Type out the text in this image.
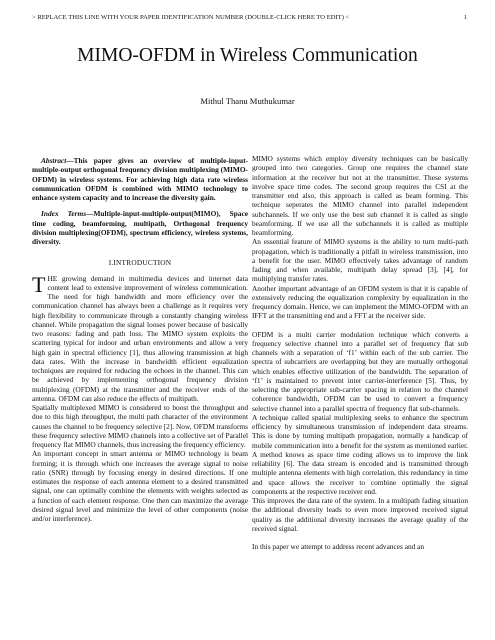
> REPLACE THIS LINE WITH YOUR PAPER IDENTIFICATION NUMBER (DOUBLE-CLICK HERE TO EDIT) <	1
MIMO-OFDM in Wireless Communication
Mithul Thanu Muthukumar

Abstract—This paper gives an overview of multiple-input-multiple-output orthogonal frequency division multiplexing (MIMO-OFDM) in wireless systems. For achieving high data rate wireless communication OFDM is combined with MIMO technology to enhance system capacity and to increase the diversity gain.

Index Terms—Multiple-input-multiple-output(MIMO), Space time coding, beamforming, multipath, Orthogonal frequency division multiplexing(OFDM), spectrum efficiency, wireless systems, diversity.

I.INTRODUCTION

THE growing demand in multimedia devices and internet data content lead to extensive improvement of wireless communication. The need for high bandwidth and more efficiency over the communication channel has always been a challenge as it requires very high flexibility to communicate through a constantly changing wireless channel. While propagation the signal looses power because of basically two reasons: fading and path loss. The MIMO system exploits the scattering typical for indoor and urban environments and allow a very high gain in spectral efficiency [1], thus allowing transmission at high data rates. With the increase in bandwidth efficient equalization techniques are required for reducing the echoes in the channel. This can be achieved by implementing orthogonal frequency division multiplexing (OFDM) at the transmitter and the receiver ends of the antenna. OFDM can also reduce the effects of multipath.

Spatially multiplexed MIMO is considered to boost the throughput and due to this high throughput, the multi path character of the environment causes the channel to be frequency selective [2]. Now, OFDM transforms these frequency selective MIMO channels into a collective set of Parallel frequency flat MIMO channels, thus increasing the frequency efficiency.

An important concept in smart antenna or MIMO technology is beam forming; it is through which one increases the average signal to noise ratio (SNR) through by focusing energy in desired directions. If one estimates the response of each antenna element to a desired transmitted signal, one can optimally combine the elements with weights selected as a function of each element response. One then can maximize the average desired signal level and minimize the level of other components (noise and/or interference).

MIMO systems which employ diversity techniques can be basically grouped into two categories. Group one requires the channel state information at the receiver but not at the transmitter. These systems involve space time codes. The second group requires the CSI at the transmitter end also, this approach is called as beam forming. This technique seperates the MIMO channel into parallel independent subchannels. If we only use the best sub channel it is called as single beamforming. If we use all the subchannels it is called as multiple beamforming.

An essential feature of MIMO systems is the ability to turn multi-path propagation, which is traditionally a pitfall in wireless transmission, into a benefit for the user. MIMO effectively takes advantage of random fading and when available, multipath delay spread [3], [4], for multiplying transfer rates.

Another important advantage of an OFDM system is that it is capable of extensively reducing the equalization complexity by equalization in the frequency domain. Hence, we can implement the MIMO-OFDM with an IFFT at the transmitting end and a FFT at the receiver side.

OFDM is a multi carrier modulation technique which converts a frequency selective channel into a parallel set of frequency flat sub channels with a separation of ‘f1’ within each of the sub carrier. The spectra of subcarriers are overlapping but they are mutually orthogonal which enables effective utilization of the bandwidth. The separation of ‘f1’ is maintained to prevent inter carrier-interference [5]. Thus, by selecting the appropriate sub-carrier spacing in relation to the channel coherence bandwidth, OFDM can be used to convert a frequency selective channel into a parallel spectra of frequency flat sub-channels.

A technique called spatial multiplexing seeks to enhance the spectrum efficiency by simultaneous transmission of independent data streams. This is done by turning multipath propagation, normally a handicap of mobile communication into a benefit for the system as mentioned earlier. A method knows as space time coding allows us to improve the link reliability [6]. The data stream is encoded and is transmitted through multiple antenna elements with high correlation, this redundancy in time and space allows the receiver to combine optimally the signal components at the respective receiver end.

This improves the data rate of the system. In a multipath fading situation the additional diversity leads to even more improved received signal quality as the additional diversity increases the average quality of the received signal.

In this paper we attempt to address recent advances and an
